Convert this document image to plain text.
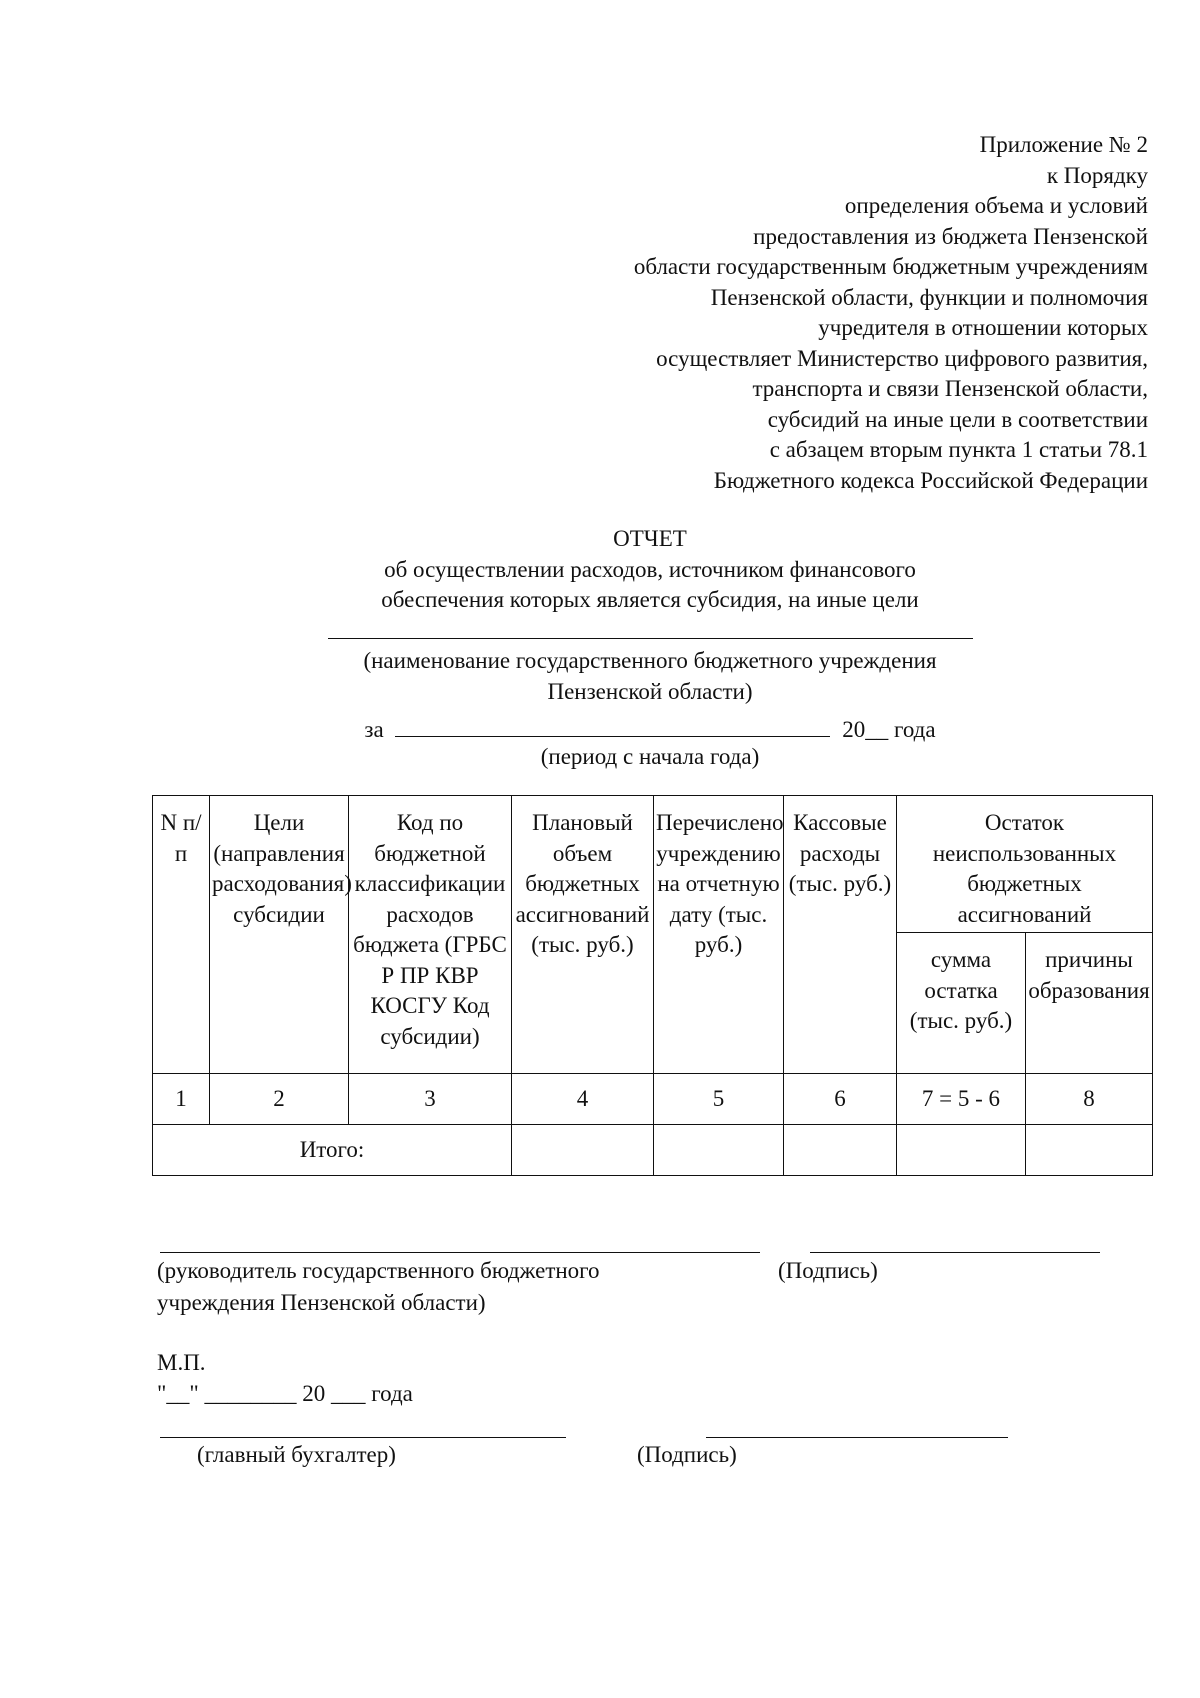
Приложение № 2
к Порядку
определения объема и условий
предоставления из бюджета Пензенской
области государственным бюджетным учреждениям
Пензенской области, функции и полномочия
учредителя в отношении которых
осуществляет Министерство цифрового развития,
транспорта и связи Пензенской области,
субсидий на иные цели в соответствии
с абзацем вторым пункта 1 статьи 78.1
Бюджетного кодекса Российской Федерации
ОТЧЕТ
об осуществлении расходов, источником финансового
обеспечения которых является субсидия, на иные цели
(наименование государственного бюджетного учреждения
Пензенской области)
за	20__ года
(период с начала года)
N п/п	Цели (направления расходования) субсидии	Код по бюджетной классификации расходов бюджета (ГРБС Р ПР КВР КОСГУ Код субсидии)	Плановый объем бюджетных ассигнований (тыс. руб.)	Перечислено учреждению на отчетную дату (тыс. руб.)	Кассовые расходы (тыс. руб.)	Остаток неиспользованных бюджетных ассигнований	
						сумма остатка (тыс. руб.)	причины образования
1	2	3	4	5	6	7 = 5 - 6	8
Итого:							
(руководитель государственного бюджетного
учреждения Пензенской области)
(Подпись)
М.П.
"__" ________ 20 ___ года
(главный бухгалтер)	(Подпись)
